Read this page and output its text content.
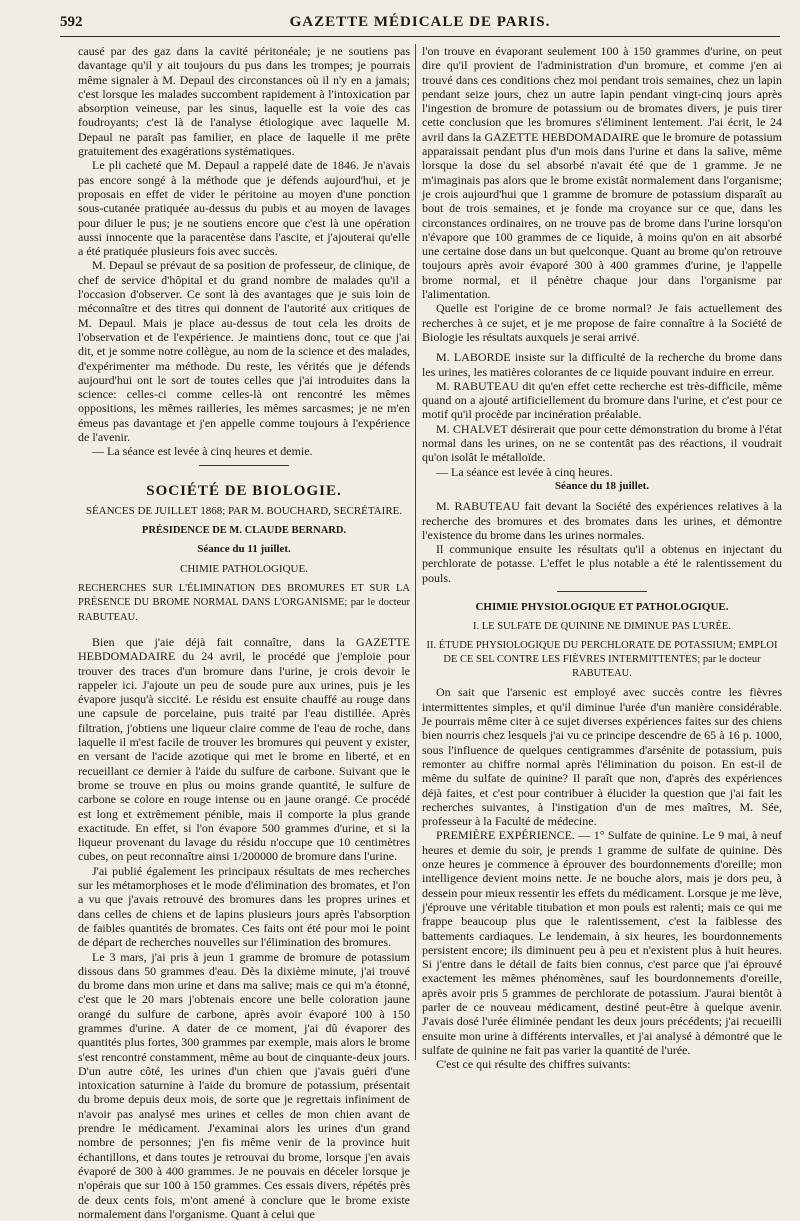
592	GAZETTE MÉDICALE DE PARIS.

causé par des gaz dans la cavité péritonéale; je ne soutiens pas davantage qu'il y ait toujours du pus dans les trompes; je pourrais même signaler à M. Depaul des circonstances où il n'y en a jamais; c'est lorsque les malades succombent rapidement à l'intoxication par absorption veineuse, par les sinus, laquelle est la voie des cas foudroyants; c'est là de l'analyse étiologique avec laquelle M. Depaul ne paraît pas familier, en place de laquelle il me prête gratuitement des exagérations systématiques.

Le pli cacheté que M. Depaul a rappelé date de 1846. Je n'avais pas encore songé à la méthode que je défends aujourd'hui, et je proposais en effet de vider le péritoine au moyen d'une ponction sous-cutanée pratiquée au-dessus du pubis et au moyen de lavages pour diluer le pus; je ne soutiens encore que c'est là une opération aussi innocente que la paracentèse dans l'ascite, et j'ajouterai qu'elle a été pratiquée plusieurs fois avec succès.

M. Depaul se prévaut de sa position de professeur, de clinique, de chef de service d'hôpital et du grand nombre de malades qu'il a l'occasion d'observer. Ce sont là des avantages que je suis loin de méconnaître et des titres qui donnent de l'autorité aux critiques de M. Depaul. Mais je place au-dessus de tout cela les droits de l'observation et de l'expérience. Je maintiens donc, tout ce que j'ai dit, et je somme notre collègue, au nom de la science et des malades, d'expérimenter ma méthode. Du reste, les vérités que je défends aujourd'hui ont le sort de toutes celles que j'ai introduites dans la science: celles-ci comme celles-là ont rencontré les mêmes oppositions, les mêmes railleries, les mêmes sarcasmes; je ne m'en émeus pas davantage et j'en appelle comme toujours à l'expérience de l'avenir.

— La séance est levée à cinq heures et demie.

SOCIÉTÉ DE BIOLOGIE.

SÉANCES DE JUILLET 1868; PAR M. BOUCHARD, SECRÉTAIRE.

PRÉSIDENCE DE M. CLAUDE BERNARD.

Séance du 11 juillet.

CHIMIE PATHOLOGIQUE.

RECHERCHES SUR L'ÉLIMINATION DES BROMURES ET SUR LA PRÉSENCE DU BROME NORMAL DANS L'ORGANISME; par le docteur RABUTEAU.

Bien que j'aie déjà fait connaître, dans la GAZETTE HEBDOMADAIRE du 24 avril, le procédé que j'emploie pour trouver des traces d'un bromure dans l'urine, je crois devoir le rappeler ici. J'ajoute un peu de soude pure aux urines, puis je les évapore jusqu'à siccité. Le résidu est ensuite chauffé au rouge dans une capsule de porcelaine, puis traité par l'eau distillée. Après filtration, j'obtiens une liqueur claire comme de l'eau de roche, dans laquelle il m'est facile de trouver les bromures qui peuvent y exister, en versant de l'acide azotique qui met le brome en liberté, et en recueillant ce dernier à l'aide du sulfure de carbone. Suivant que le brome se trouve en plus ou moins grande quantité, le sulfure de carbone se colore en rouge intense ou en jaune orangé. Ce procédé est long et extrêmement pénible, mais il comporte la plus grande exactitude. En effet, si l'on évapore 500 grammes d'urine, et si la liqueur provenant du lavage du résidu n'occupe que 10 centimètres cubes, on peut reconnaître ainsi 1/200000 de bromure dans l'urine.

J'ai publié également les principaux résultats de mes recherches sur les métamorphoses et le mode d'élimination des bromates, et l'on a vu que j'avais retrouvé des bromures dans les propres urines et dans celles de chiens et de lapins plusieurs jours après l'absorption de faibles quantités de bromates. Ces faits ont été pour moi le point de départ de recherches nouvelles sur l'élimination des bromures.

Le 3 mars, j'ai pris à jeun 1 gramme de bromure de potassium dissous dans 50 grammes d'eau. Dès la dixième minute, j'ai trouvé du brome dans mon urine et dans ma salive; mais ce qui m'a étonné, c'est que le 20 mars j'obtenais encore une belle coloration jaune orangé du sulfure de carbone, après avoir évaporé 100 à 150 grammes d'urine. A dater de ce moment, j'ai dû évaporer des quantités plus fortes, 300 grammes par exemple, mais alors le brome s'est rencontré constamment, même au bout de cinquante-deux jours. D'un autre côté, les urines d'un chien que j'avais guéri d'une intoxication saturnine à l'aide du bromure de potassium, présentait du brome depuis deux mois, de sorte que je regrettais infiniment de n'avoir pas analysé mes urines et celles de mon chien avant de prendre le médicament. J'examinai alors les urines d'un grand nombre de personnes; j'en fis même venir de la province huit échantillons, et dans toutes je retrouvai du brome, lorsque j'en avais évaporé de 300 à 400 grammes. Je ne pouvais en déceler lorsque je n'opérais que sur 100 à 150 grammes. Ces essais divers, répétés près de deux cents fois, m'ont amené à conclure que le brome existe normalement dans l'organisme. Quant à celui que

l'on trouve en évaporant seulement 100 à 150 grammes d'urine, on peut dire qu'il provient de l'administration d'un bromure, et comme j'en ai trouvé dans ces conditions chez moi pendant trois semaines, chez un lapin pendant seize jours, chez un autre lapin pendant vingt-cinq jours après l'ingestion de bromure de potassium ou de bromates divers, je puis tirer cette conclusion que les bromures s'éliminent lentement. J'ai écrit, le 24 avril dans la GAZETTE HEBDOMADAIRE que le bromure de potassium apparaissait pendant plus d'un mois dans l'urine et dans la salive, même lorsque la dose du sel absorbé n'avait été que de 1 gramme. Je ne m'imaginais pas alors que le brome existât normalement dans l'organisme; je crois aujourd'hui que 1 gramme de bromure de potassium disparaît au bout de trois semaines, et je fonde ma croyance sur ce que, dans les circonstances ordinaires, on ne trouve pas de brome dans l'urine lorsqu'on n'évapore que 100 grammes de ce liquide, à moins qu'on en ait absorbé une certaine dose dans un but quelconque. Quant au brome qu'on retrouve toujours après avoir évaporé 300 à 400 grammes d'urine, je l'appelle brome normal, et il pénètre chaque jour dans l'organisme par l'alimentation.

Quelle est l'origine de ce brome normal? Je fais actuellement des recherches à ce sujet, et je me propose de faire connaître à la Société de Biologie les résultats auxquels je serai arrivé.

M. LABORDE insiste sur la difficulté de la recherche du brome dans les urines, les matières colorantes de ce liquide pouvant induire en erreur.

M. RABUTEAU dit qu'en effet cette recherche est très-difficile, même quand on a ajouté artificiellement du bromure dans l'urine, et c'est pour ce motif qu'il procède par incinération préalable.

M. CHALVET désirerait que pour cette démonstration du brome à l'état normal dans les urines, on ne se contentât pas des réactions, il voudrait qu'on isolât le métalloïde.

— La séance est levée à cinq heures.

Séance du 18 juillet.

M. RABUTEAU fait devant la Société des expériences relatives à la recherche des bromures et des bromates dans les urines, et démontre l'existence du brome dans les urines normales.

Il communique ensuite les résultats qu'il a obtenus en injectant du perchlorate de potasse. L'effet le plus notable a été le ralentissement du pouls.

CHIMIE PHYSIOLOGIQUE ET PATHOLOGIQUE.

I. LE SULFATE DE QUININE NE DIMINUE PAS L'URÉE.

II. ÉTUDE PHYSIOLOGIQUE DU PERCHLORATE DE POTASSIUM; EMPLOI DE CE SEL CONTRE LES FIÈVRES INTERMITTENTES; par le docteur RABUTEAU.

On sait que l'arsenic est employé avec succès contre les fièvres intermittentes simples, et qu'il diminue l'urée d'un manière considérable. Je pourrais même citer à ce sujet diverses expériences faites sur des chiens bien nourris chez lesquels j'ai vu ce principe descendre de 65 à 16 p. 1000, sous l'influence de quelques centigrammes d'arsénite de potassium, puis remonter au chiffre normal après l'élimination du poison. En est-il de même du sulfate de quinine? Il paraît que non, d'après des expériences déjà faites, et c'est pour contribuer à élucider la question que j'ai fait les recherches suivantes, à l'instigation d'un de mes maîtres, M. Sée, professeur à la Faculté de médecine.

PREMIÈRE EXPÉRIENCE. — 1° Sulfate de quinine. Le 9 mai, à neuf heures et demie du soir, je prends 1 gramme de sulfate de quinine. Dès onze heures je commence à éprouver des bourdonnements d'oreille; mon intelligence devient moins nette. Je ne bouche alors, mais je dors peu, à dessein pour mieux ressentir les effets du médicament. Lorsque je me lève, j'éprouve une véritable titubation et mon pouls est ralenti; mais ce qui me frappe beaucoup plus que le ralentissement, c'est la faiblesse des battements cardiaques. Le lendemain, à six heures, les bourdonnements persistent encore; ils diminuent peu à peu et n'existent plus à huit heures. Si j'entre dans le détail de faits bien connus, c'est parce que j'ai éprouvé exactement les mêmes phénomènes, sauf les bourdonnements d'oreille, après avoir pris 5 grammes de perchlorate de potassium. J'aurai bientôt à parler de ce nouveau médicament, destiné peut-être à quelque avenir. J'avais dosé l'urée éliminée pendant les deux jours précédents; j'ai recueilli ensuite mon urine à différents intervalles, et j'ai analysé à démontré que le sulfate de quinine ne fait pas varier la quantité de l'urée.

C'est ce qui résulte des chiffres suivants:
